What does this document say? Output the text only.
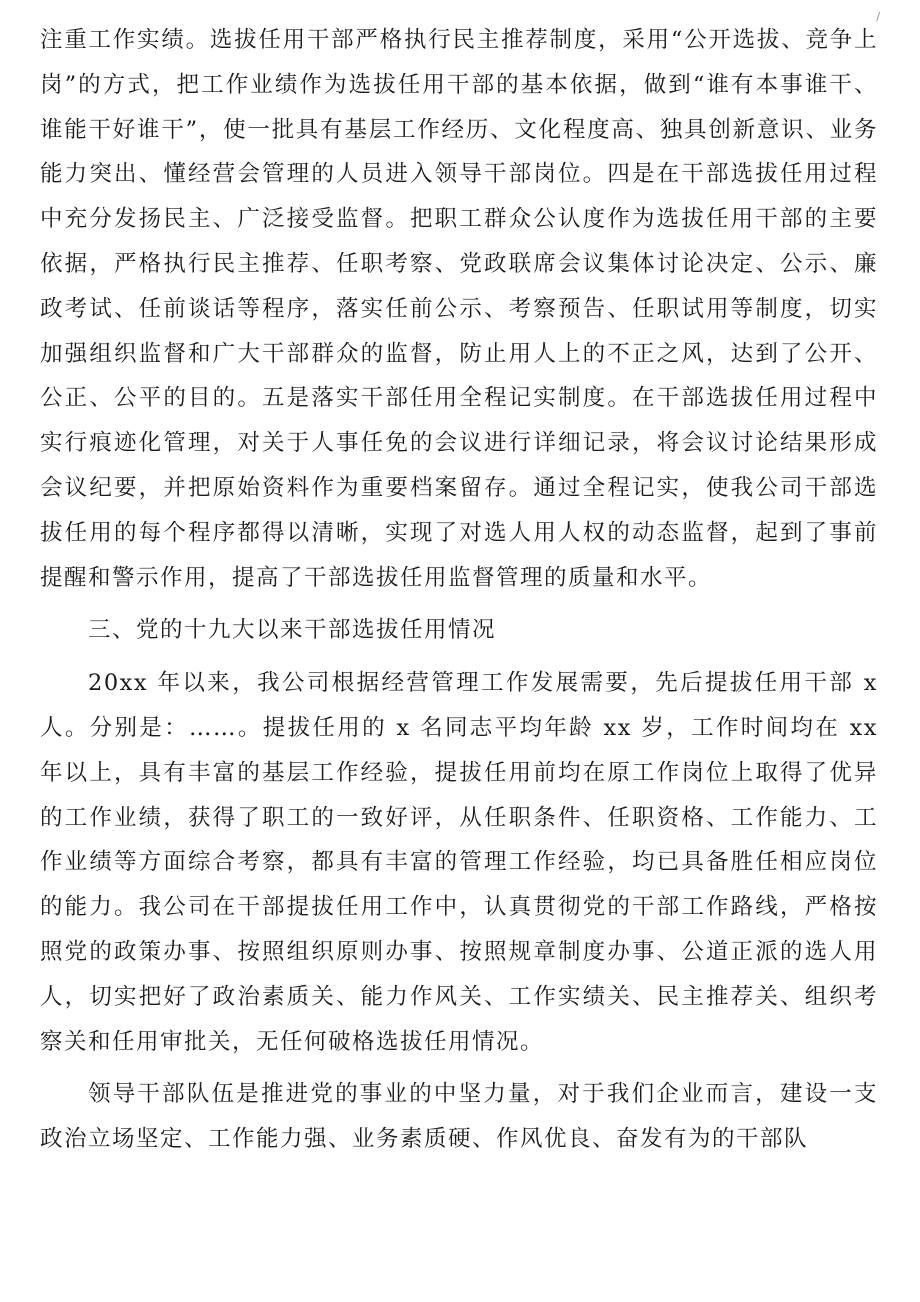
/

注重工作实绩。选拔任用干部严格执行民主推荐制度，采用“公开选拔、竞争上岗”的方式，把工作业绩作为选拔任用干部的基本依据，做到“谁有本事谁干、谁能干好谁干”，使一批具有基层工作经历、文化程度高、独具创新意识、业务能力突出、懂经营会管理的人员进入领导干部岗位。四是在干部选拔任用过程中充分发扬民主、广泛接受监督。把职工群众公认度作为选拔任用干部的主要依据，严格执行民主推荐、任职考察、党政联席会议集体讨论决定、公示、廉政考试、任前谈话等程序，落实任前公示、考察预告、任职试用等制度，切实加强组织监督和广大干部群众的监督，防止用人上的不正之风，达到了公开、公正、公平的目的。五是落实干部任用全程记实制度。在干部选拔任用过程中实行痕迹化管理，对关于人事任免的会议进行详细记录，将会议讨论结果形成会议纪要，并把原始资料作为重要档案留存。通过全程记实，使我公司干部选拔任用的每个程序都得以清晰，实现了对选人用人权的动态监督，起到了事前提醒和警示作用，提高了干部选拔任用监督管理的质量和水平。

三、党的十九大以来干部选拔任用情况

20xx 年以来，我公司根据经营管理工作发展需要，先后提拔任用干部 x 人。分别是：……。提拔任用的 x 名同志平均年龄 xx 岁，工作时间均在 xx 年以上，具有丰富的基层工作经验，提拔任用前均在原工作岗位上取得了优异的工作业绩，获得了职工的一致好评，从任职条件、任职资格、工作能力、工作业绩等方面综合考察，都具有丰富的管理工作经验，均已具备胜任相应岗位的能力。我公司在干部提拔任用工作中，认真贯彻党的干部工作路线，严格按照党的政策办事、按照组织原则办事、按照规章制度办事、公道正派的选人用人，切实把好了政治素质关、能力作风关、工作实绩关、民主推荐关、组织考察关和任用审批关，无任何破格选拔任用情况。

领导干部队伍是推进党的事业的中坚力量，对于我们企业而言，建设一支政治立场坚定、工作能力强、业务素质硬、作风优良、奋发有为的干部队
